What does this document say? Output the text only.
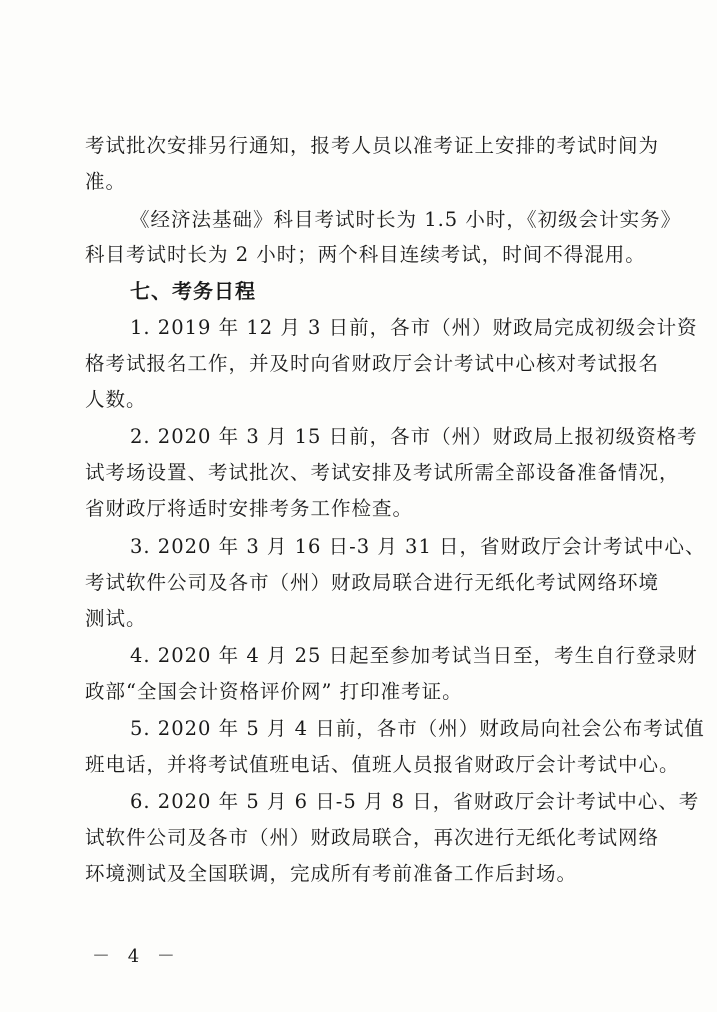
考试批次安排另行通知，报考人员以准考证上安排的考试时间为
准。
《经济法基础》科目考试时长为 1.5 小时，《初级会计实务》
科目考试时长为 2 小时；两个科目连续考试，时间不得混用。
七、考务日程
1. 2019 年 12 月 3 日前，各市（州）财政局完成初级会计资
格考试报名工作，并及时向省财政厅会计考试中心核对考试报名
人数。
2. 2020 年 3 月 15 日前，各市（州）财政局上报初级资格考
试考场设置、考试批次、考试安排及考试所需全部设备准备情况，
省财政厅将适时安排考务工作检查。
3. 2020 年 3 月 16 日-3 月 31 日，省财政厅会计考试中心、
考试软件公司及各市（州）财政局联合进行无纸化考试网络环境
测试。
4. 2020 年 4 月 25 日起至参加考试当日至，考生自行登录财
政部“全国会计资格评价网” 打印准考证。
5. 2020 年 5 月 4 日前，各市（州）财政局向社会公布考试值
班电话，并将考试值班电话、值班人员报省财政厅会计考试中心。
6. 2020 年 5 月 6 日-5 月 8 日，省财政厅会计考试中心、考
试软件公司及各市（州）财政局联合，再次进行无纸化考试网络
环境测试及全国联调，完成所有考前准备工作后封场。
－ 4 －
